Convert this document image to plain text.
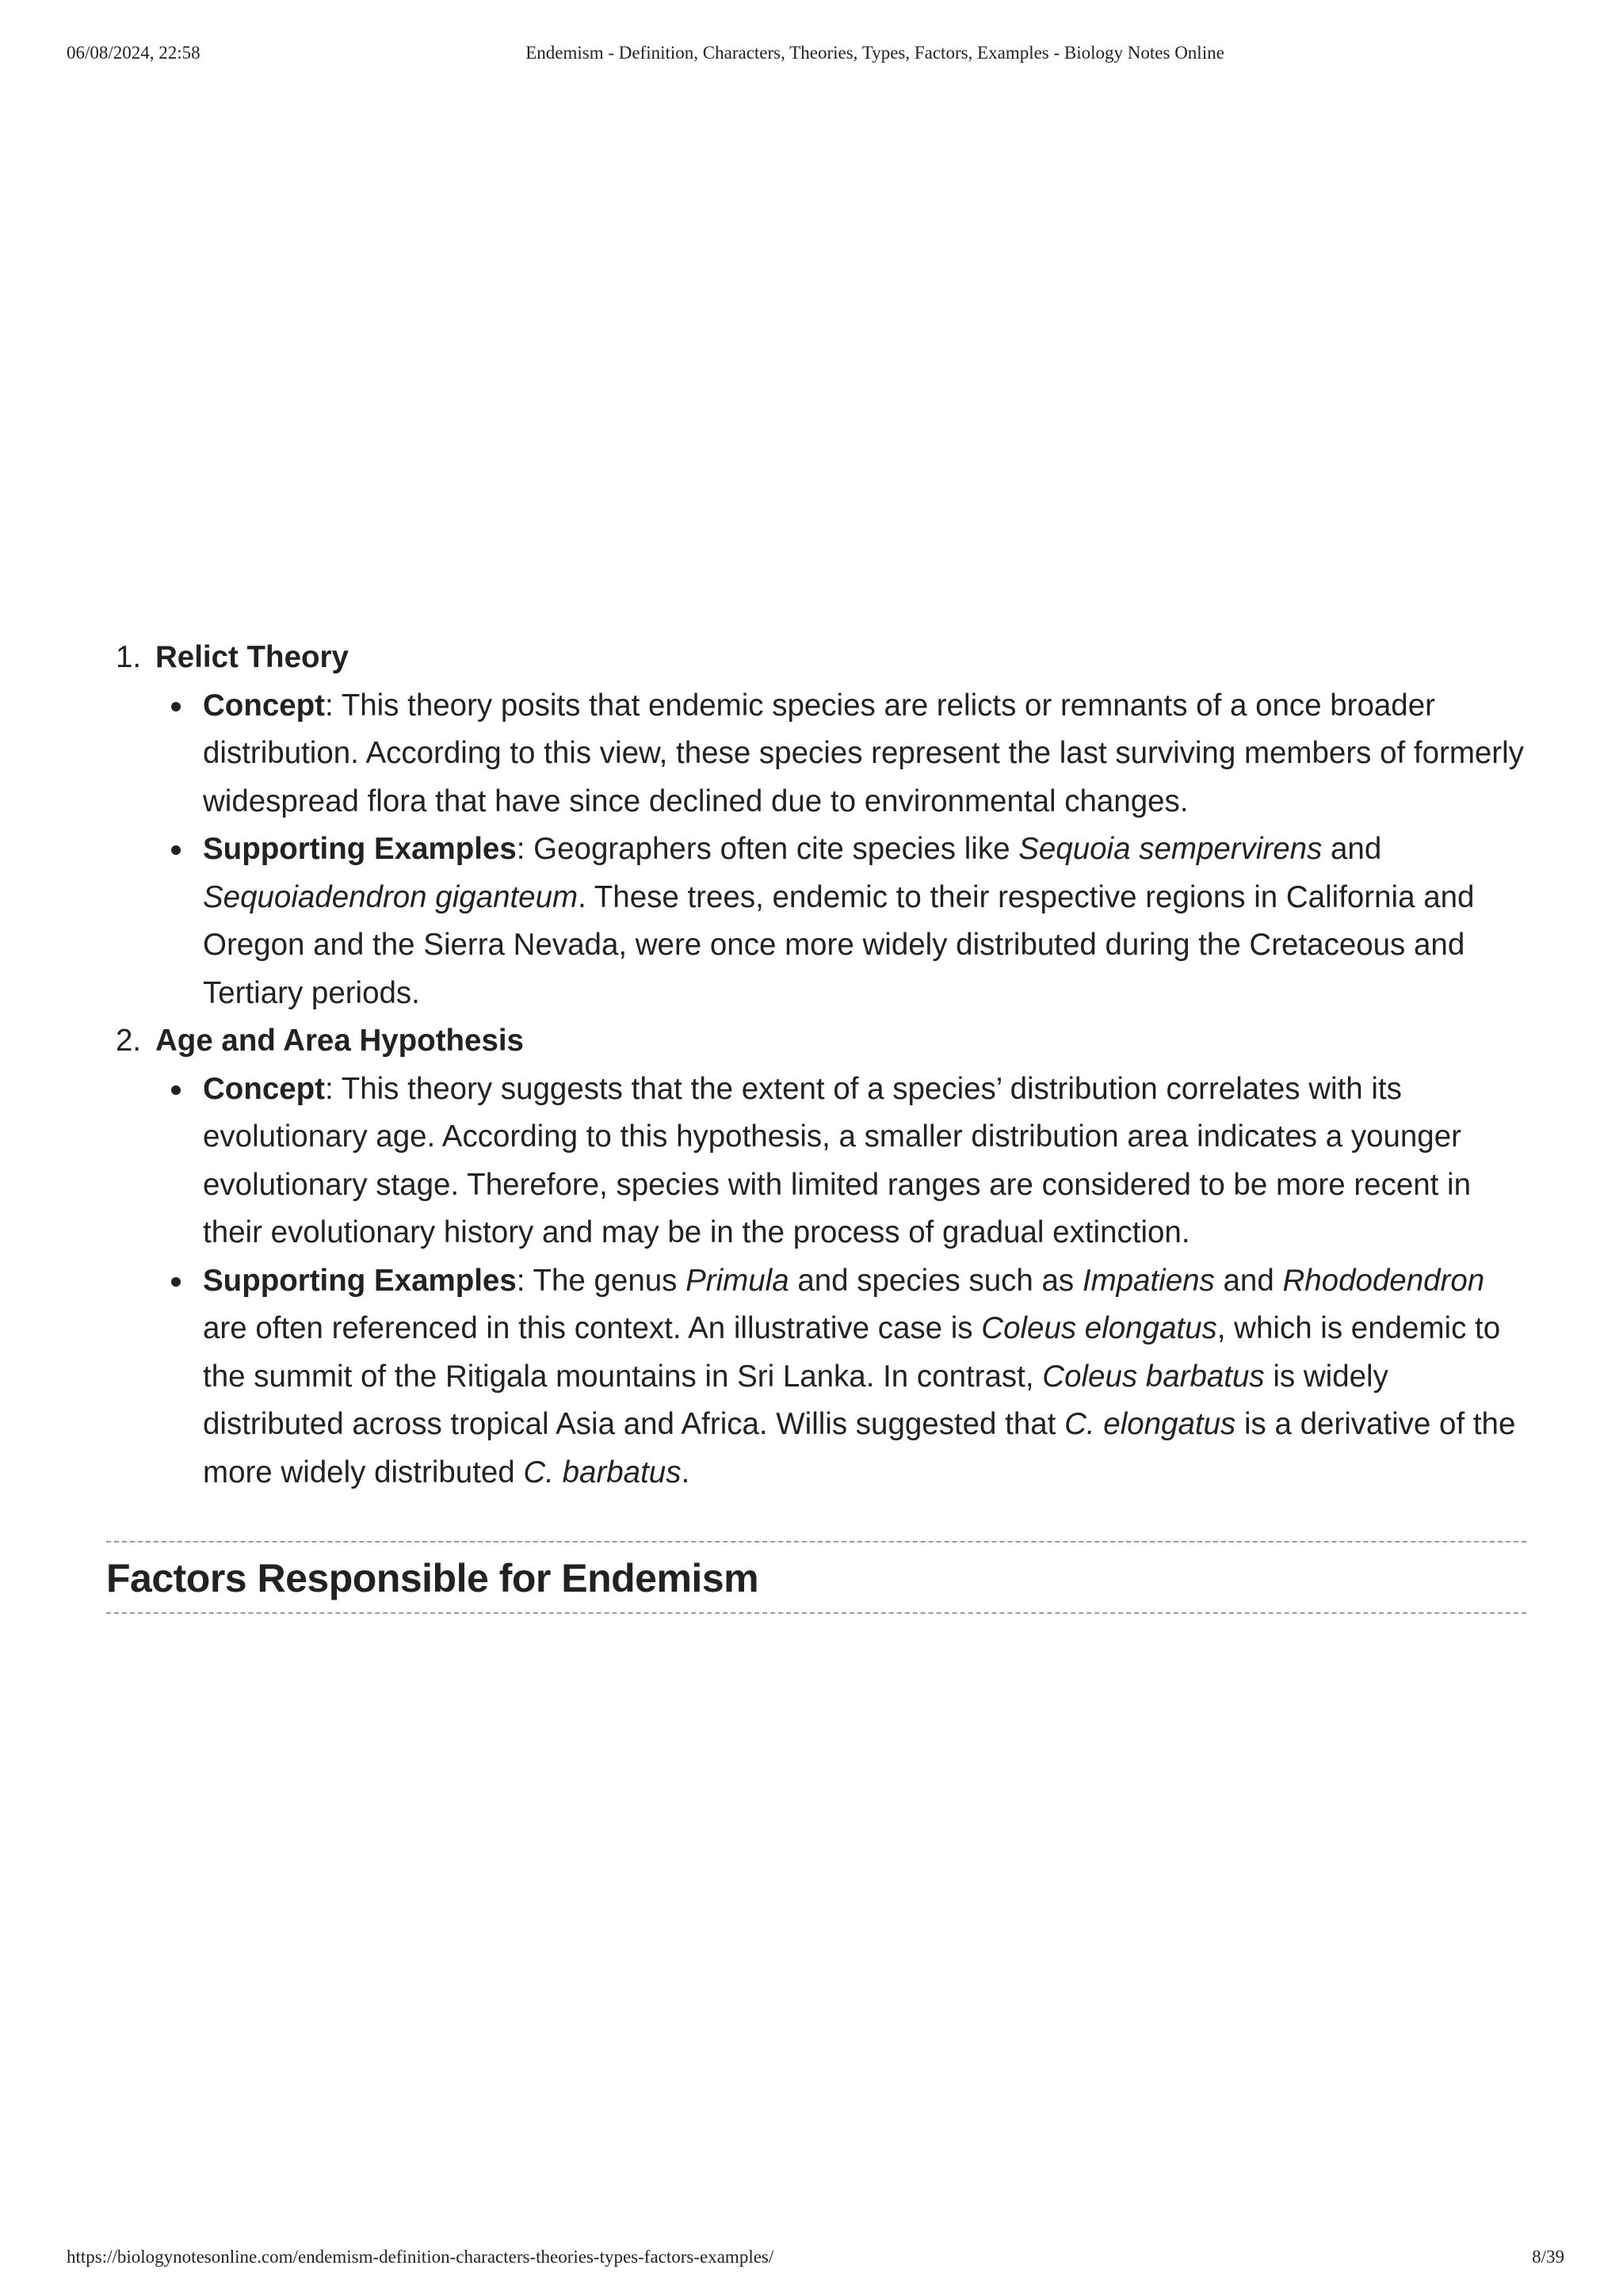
06/08/2024, 22:58	Endemism - Definition, Characters, Theories, Types, Factors, Examples - Biology Notes Online
1. Relict Theory
Concept: This theory posits that endemic species are relicts or remnants of a once broader distribution. According to this view, these species represent the last surviving members of formerly widespread flora that have since declined due to environmental changes.
Supporting Examples: Geographers often cite species like Sequoia sempervirens and Sequoiadendron giganteum. These trees, endemic to their respective regions in California and Oregon and the Sierra Nevada, were once more widely distributed during the Cretaceous and Tertiary periods.
2. Age and Area Hypothesis
Concept: This theory suggests that the extent of a species’ distribution correlates with its evolutionary age. According to this hypothesis, a smaller distribution area indicates a younger evolutionary stage. Therefore, species with limited ranges are considered to be more recent in their evolutionary history and may be in the process of gradual extinction.
Supporting Examples: The genus Primula and species such as Impatiens and Rhododendron are often referenced in this context. An illustrative case is Coleus elongatus, which is endemic to the summit of the Ritigala mountains in Sri Lanka. In contrast, Coleus barbatus is widely distributed across tropical Asia and Africa. Willis suggested that C. elongatus is a derivative of the more widely distributed C. barbatus.
Factors Responsible for Endemism
https://biologynotesonline.com/endemism-definition-characters-theories-types-factors-examples/	8/39
